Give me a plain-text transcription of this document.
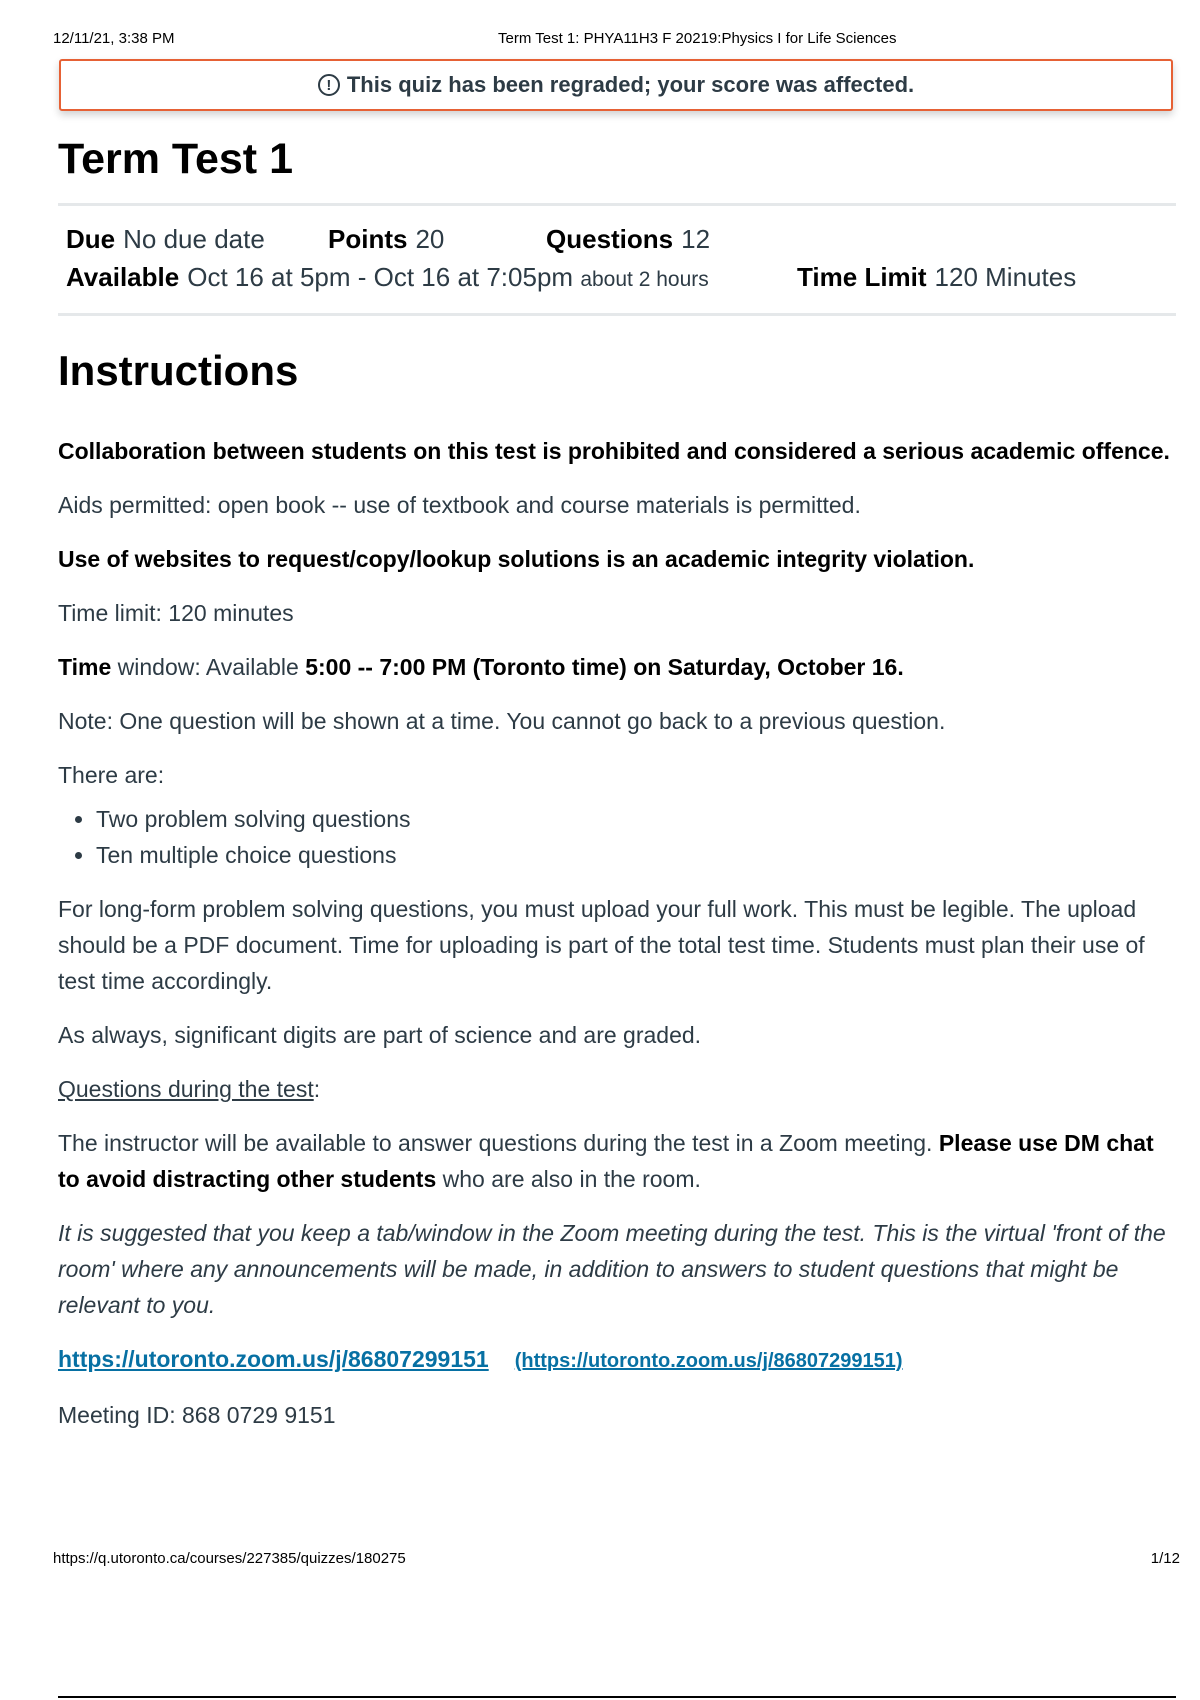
12/11/21, 3:38 PM	Term Test 1: PHYA11H3 F 20219:Physics I for Life Sciences
! This quiz has been regraded; your score was affected.
Term Test 1
Due No due date Points 20	Questions 12
Available Oct 16 at 5pm - Oct 16 at 7:05pm about 2 hours	Time Limit 120 Minutes
Instructions

Collaboration between students on this test is prohibited and considered a serious academic offence.

Aids permitted: open book -- use of textbook and course materials is permitted.

Use of websites to request/copy/lookup solutions is an academic integrity violation.

Time limit: 120 minutes

Time window: Available 5:00 -- 7:00 PM (Toronto time) on Saturday, October 16.

Note: One question will be shown at a time. You cannot go back to a previous question.

There are:

• Two problem solving questions
• Ten multiple choice questions

For long-form problem solving questions, you must upload your full work. This must be legible. The upload should be a PDF document. Time for uploading is part of the total test time. Students must plan their use of test time accordingly.

As always, significant digits are part of science and are graded.

Questions during the test:

The instructor will be available to answer questions during the test in a Zoom meeting. Please use DM chat to avoid distracting other students who are also in the room.

It is suggested that you keep a tab/window in the Zoom meeting during the test. This is the virtual 'front of the room' where any announcements will be made, in addition to answers to student questions that might be relevant to you.

https://utoronto.zoom.us/j/86807299151 (https://utoronto.zoom.us/j/86807299151)

Meeting ID: 868 0729 9151

https://q.utoronto.ca/courses/227385/quizzes/180275	1/12
